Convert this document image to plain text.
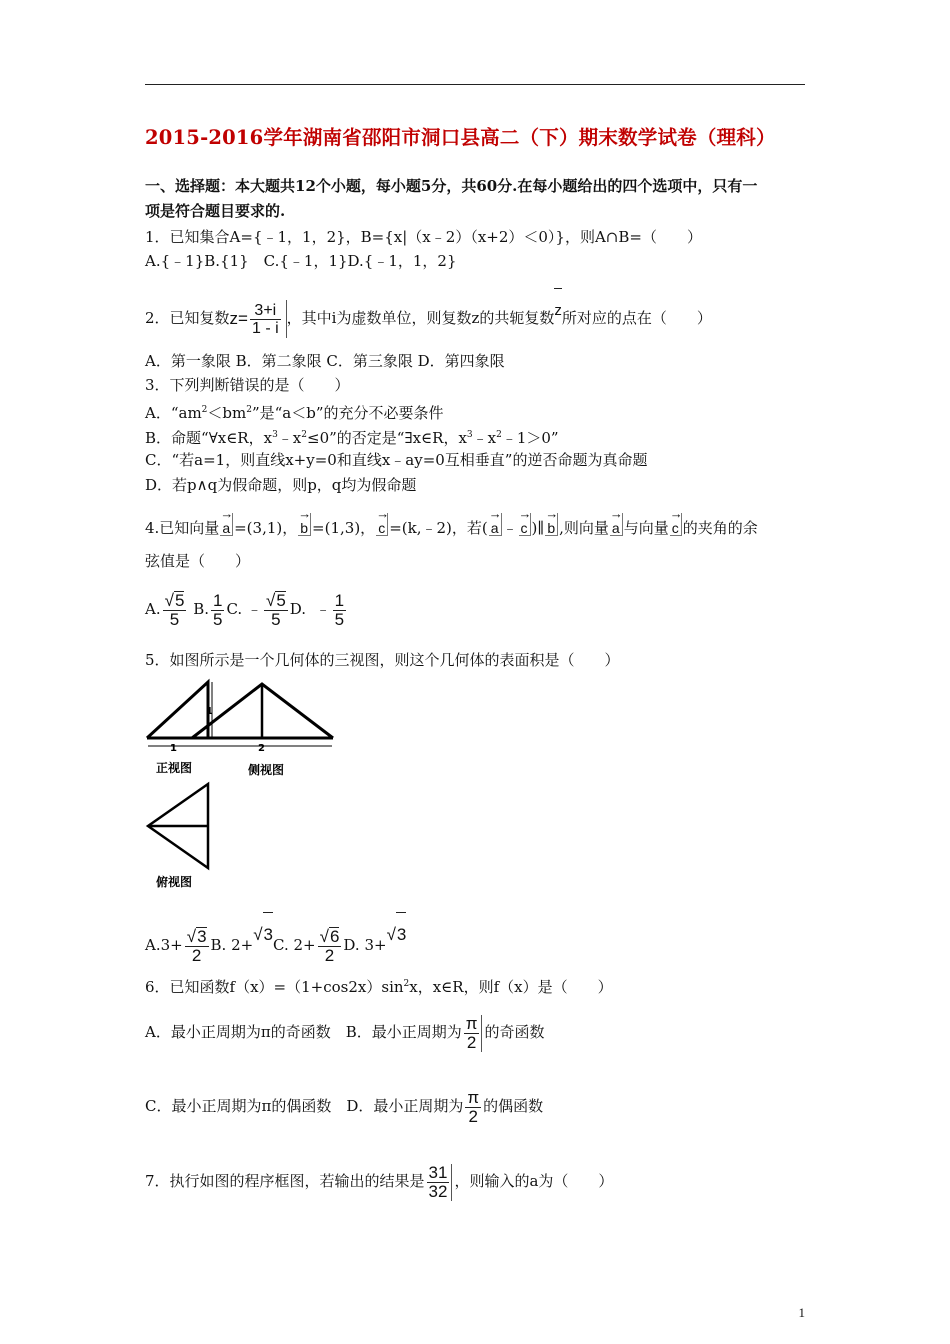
2015-2016学年湖南省邵阳市洞口县高二（下）期末数学试卷（理科）
一、选择题：本大题共12个小题，每小题5分，共60分.在每小题给出的四个选项中，只有一
项是符合题目要求的.
1．已知集合A={﹣1，1，2}，B={x|（x﹣2）（x+2）＜0）}，则A∩B=（　　）
A.{﹣1}B.{1}　C.{﹣1，1}D.{﹣1，1，2}
2．已知复数$z= \frac{3+i}{1 - i}$ ，其中i为虚数单位，则复数z的共轭复数z所对应的点在（　　）
A．第一象限 B．第二象限 C．第三象限 D．第四象限
3．下列判断错误的是（　　）
A．“$am^2<bm^2$”是“a＜b”的充分不必要条件
B．命题“∀x∈R，$x^3﹣x^2\le 0$”的否定是“∃x∈R，$x^3﹣x^2﹣1>0$”
C．“若a=1，则直线x+y=0和直线x﹣ay=0互相垂直”的逆否命题为真命题
D．若p∧q为假命题，则p，q均为假命题
4.已知向量 → a =(3,1)， → b =(1,3)， → c =(k,﹣2)，若( → a ﹣ → c )∥ → b ,则向量 → a 与向量 → c 的夹角的余
弦值是（　　）
A. $\frac{√5}{5} B$. $\frac{1}{5} C$. ﹣ $\frac{√5}{5} D$. ﹣ $\frac{1}{5}$
5．如图所示是一个几何体的三视图，则这个几何体的表面积是（　　）
1
1
正视图
2
侧视图
俯视图
$A.3+ \frac{√3}{2} B$. 2+√3C. $2+ \frac{√6}{2} D$. 3+√3
6．已知函数$f(x)=(1+\cos 2x)\sin^2x$，x∈R，则f（x）是（　　）
A．最小正周期为π的奇函数　B．最小正周期为 $\frac{\pi}{2}$ 的奇函数
C．最小正周期为π的偶函数　D．最小正周期为 $\frac{\pi}{2}$ 的偶函数
7．执行如图的程序框图，若输出的结果是 $\frac{31}{32}$ ，则输入的a为（　　）
1
